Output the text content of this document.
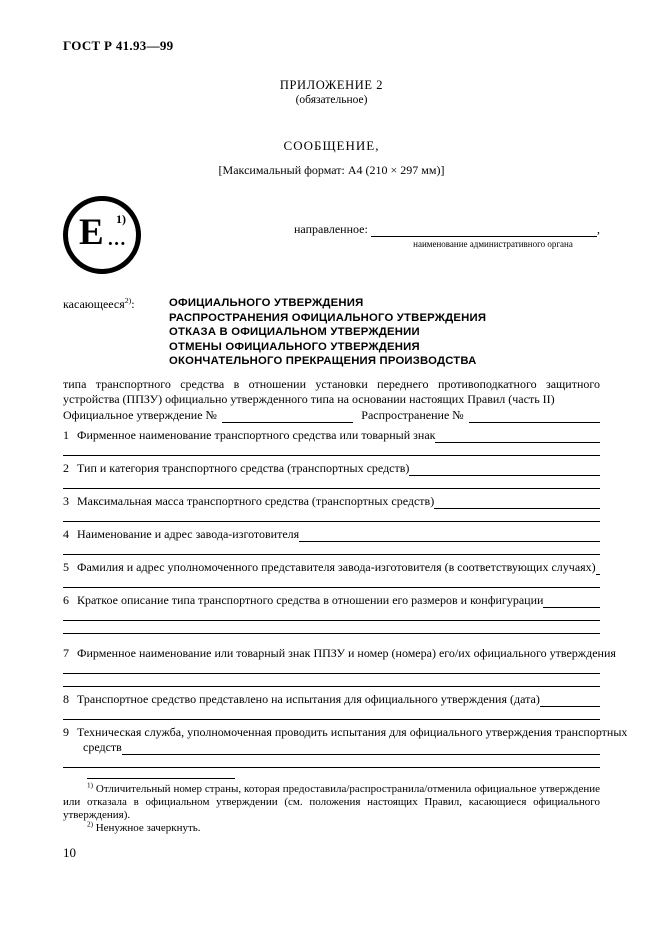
ГОСТ Р 41.93—99
ПРИЛОЖЕНИЕ 2
(обязательное)
СООБЩЕНИЕ,
[Максимальный формат: А4 (210 × 297 мм)]
E 1)
...	направленное:	,
наименование административного органа
касающееся$^{2)}$:	ОФИЦИАЛЬНОГО УТВЕРЖДЕНИЯ
РАСПРОСТРАНЕНИЯ ОФИЦИАЛЬНОГО УТВЕРЖДЕНИЯ
ОТКАЗА В ОФИЦИАЛЬНОМ УТВЕРЖДЕНИИ
ОТМЕНЫ ОФИЦИАЛЬНОГО УТВЕРЖДЕНИЯ
ОКОНЧАТЕЛЬНОГО ПРЕКРАЩЕНИЯ ПРОИЗВОДСТВА

типа транспортного средства в отношении установки переднего противоподкатного защитного устройства (ППЗУ) официально утвержденного типа на основании настоящих Правил (часть II)

Официальное утверждение №	Распространение №
1 Фирменное наименование транспортного средства или товарный знак
2 Тип и категория транспортного средства (транспортных средств)
3 Максимальная масса транспортного средства (транспортных средств)
4 Наименование и адрес завода-изготовителя
5 Фамилия и адрес уполномоченного представителя завода-изготовителя (в соответствующих случаях)
6 Краткое описание типа транспортного средства в отношении его размеров и конфигурации
7 Фирменное наименование или товарный знак ППЗУ и номер (номера) его/их официального утверждения
8 Транспортное средство представлено на испытания для официального утверждения (дата)
9 Техническая служба, уполномоченная проводить испытания для официального утверждения транспортных
средств

$^{1)}$ Отличительный номер страны, которая предоставила/распространила/отменила официальное утверждение или отказала в официальном утверждении (см. положения настоящих Правил, касающиеся официального утверждения).

$^{2)}$ Ненужное зачеркнуть.

10
